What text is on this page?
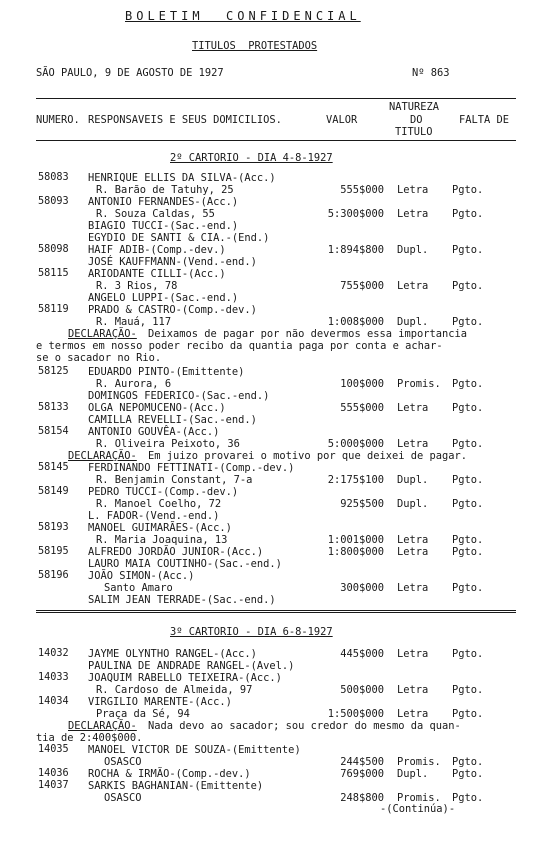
BOLETIM  CONFIDENCIAL
TITULOS  PROTESTADOS
SÃO PAULO, 9 DE AGOSTO DE 1927	Nº 863
NUMERO. RESPONSAVEIS E SEUS DOMICILIOS.	VALOR
NATUREZA
DO
TITULO
FALTA DE
2º CARTORIO - DIA 4-8-1927
58083 HENRIQUE ELLIS DA SILVA-(Acc.)
R. Barão de Tatuhy, 25	555$000 Letra Pgto.
58093 ANTONIO FERNANDES-(Acc.)
R. Souza Caldas, 55	5:300$000 Letra Pgto.
BIAGIO TUCCI-(Sac.-end.)
EGYDIO DE SANTI & CIA.-(End.)
58098 HAIF ADIB-(Comp.-dev.)	1:894$800 Dupl. Pgto.
JOSÉ KAUFFMANN-(Vend.-end.)
58115 ARIODANTE CILLI-(Acc.)
R. 3 Rios, 78	755$000 Letra Pgto.
ANGELO LUPPI-(Sac.-end.)
58119 PRADO & CASTRO-(Comp.-dev.)
R. Mauá, 117	1:008$000 Dupl. Pgto.
DECLARAÇÃO- Deixamos de pagar por não devermos essa importancia
e termos em nosso poder recibo da quantia paga por conta e achar-
se o sacador no Rio.
58125 EDUARDO PINTO-(Emittente)
R. Aurora, 6	100$000 Promis. Pgto.
DOMINGOS FEDERICO-(Sac.-end.)
58133 OLGA NEPOMUCENO-(Acc.)	555$000 Letra Pgto.
CAMILLA REVELLI-(Sac.-end.)
58154 ANTONIO GOUVÊA-(Acc.)
R. Oliveira Peixoto, 36	5:000$000 Letra Pgto.
DECLARAÇÃO- Em juizo provarei o motivo por que deixei de pagar.
58145 FERDINANDO FETTINATI-(Comp.-dev.)
R. Benjamin Constant, 7-a	2:175$100 Dupl. Pgto.
58149 PEDRO TUCCI-(Comp.-dev.)
R. Manoel Coelho, 72	925$500 Dupl. Pgto.
L. FADOR-(Vend.-end.)
58193 MANOEL GUIMARÃES-(Acc.)
R. Maria Joaquina, 13	1:001$000 Letra Pgto.
58195 ALFREDO JORDÃO JUNIOR-(Acc.)	1:800$000 Letra Pgto.
LAURO MAIA COUTINHO-(Sac.-end.)
58196 JOÃO SIMON-(Acc.)
Santo Amaro	300$000 Letra Pgto.
SALIM JEAN TERRADE-(Sac.-end.)
3º CARTORIO - DIA 6-8-1927
14032 JAYME OLYNTHO RANGEL-(Acc.)	445$000 Letra Pgto.
PAULINA DE ANDRADE RANGEL-(Avel.)
14033 JOAQUIM RABELLO TEIXEIRA-(Acc.)
R. Cardoso de Almeida, 97	500$000 Letra Pgto.
14034 VIRGILIO MARENTE-(Acc.)
Praça da Sé, 94	1:500$000 Letra Pgto.
DECLARAÇÃO- Nada devo ao sacador; sou credor do mesmo da quan-
tia de 2:400$000.
14035 MANOEL VICTOR DE SOUZA-(Emittente)
OSASCO	244$500 Promis. Pgto.
14036 ROCHA & IRMÃO-(Comp.-dev.)	769$000 Dupl. Pgto.
14037 SARKIS BAGHANIAN-(Emittente)
OSASCO	248$800 Promis. Pgto.
-(Continúa)-
